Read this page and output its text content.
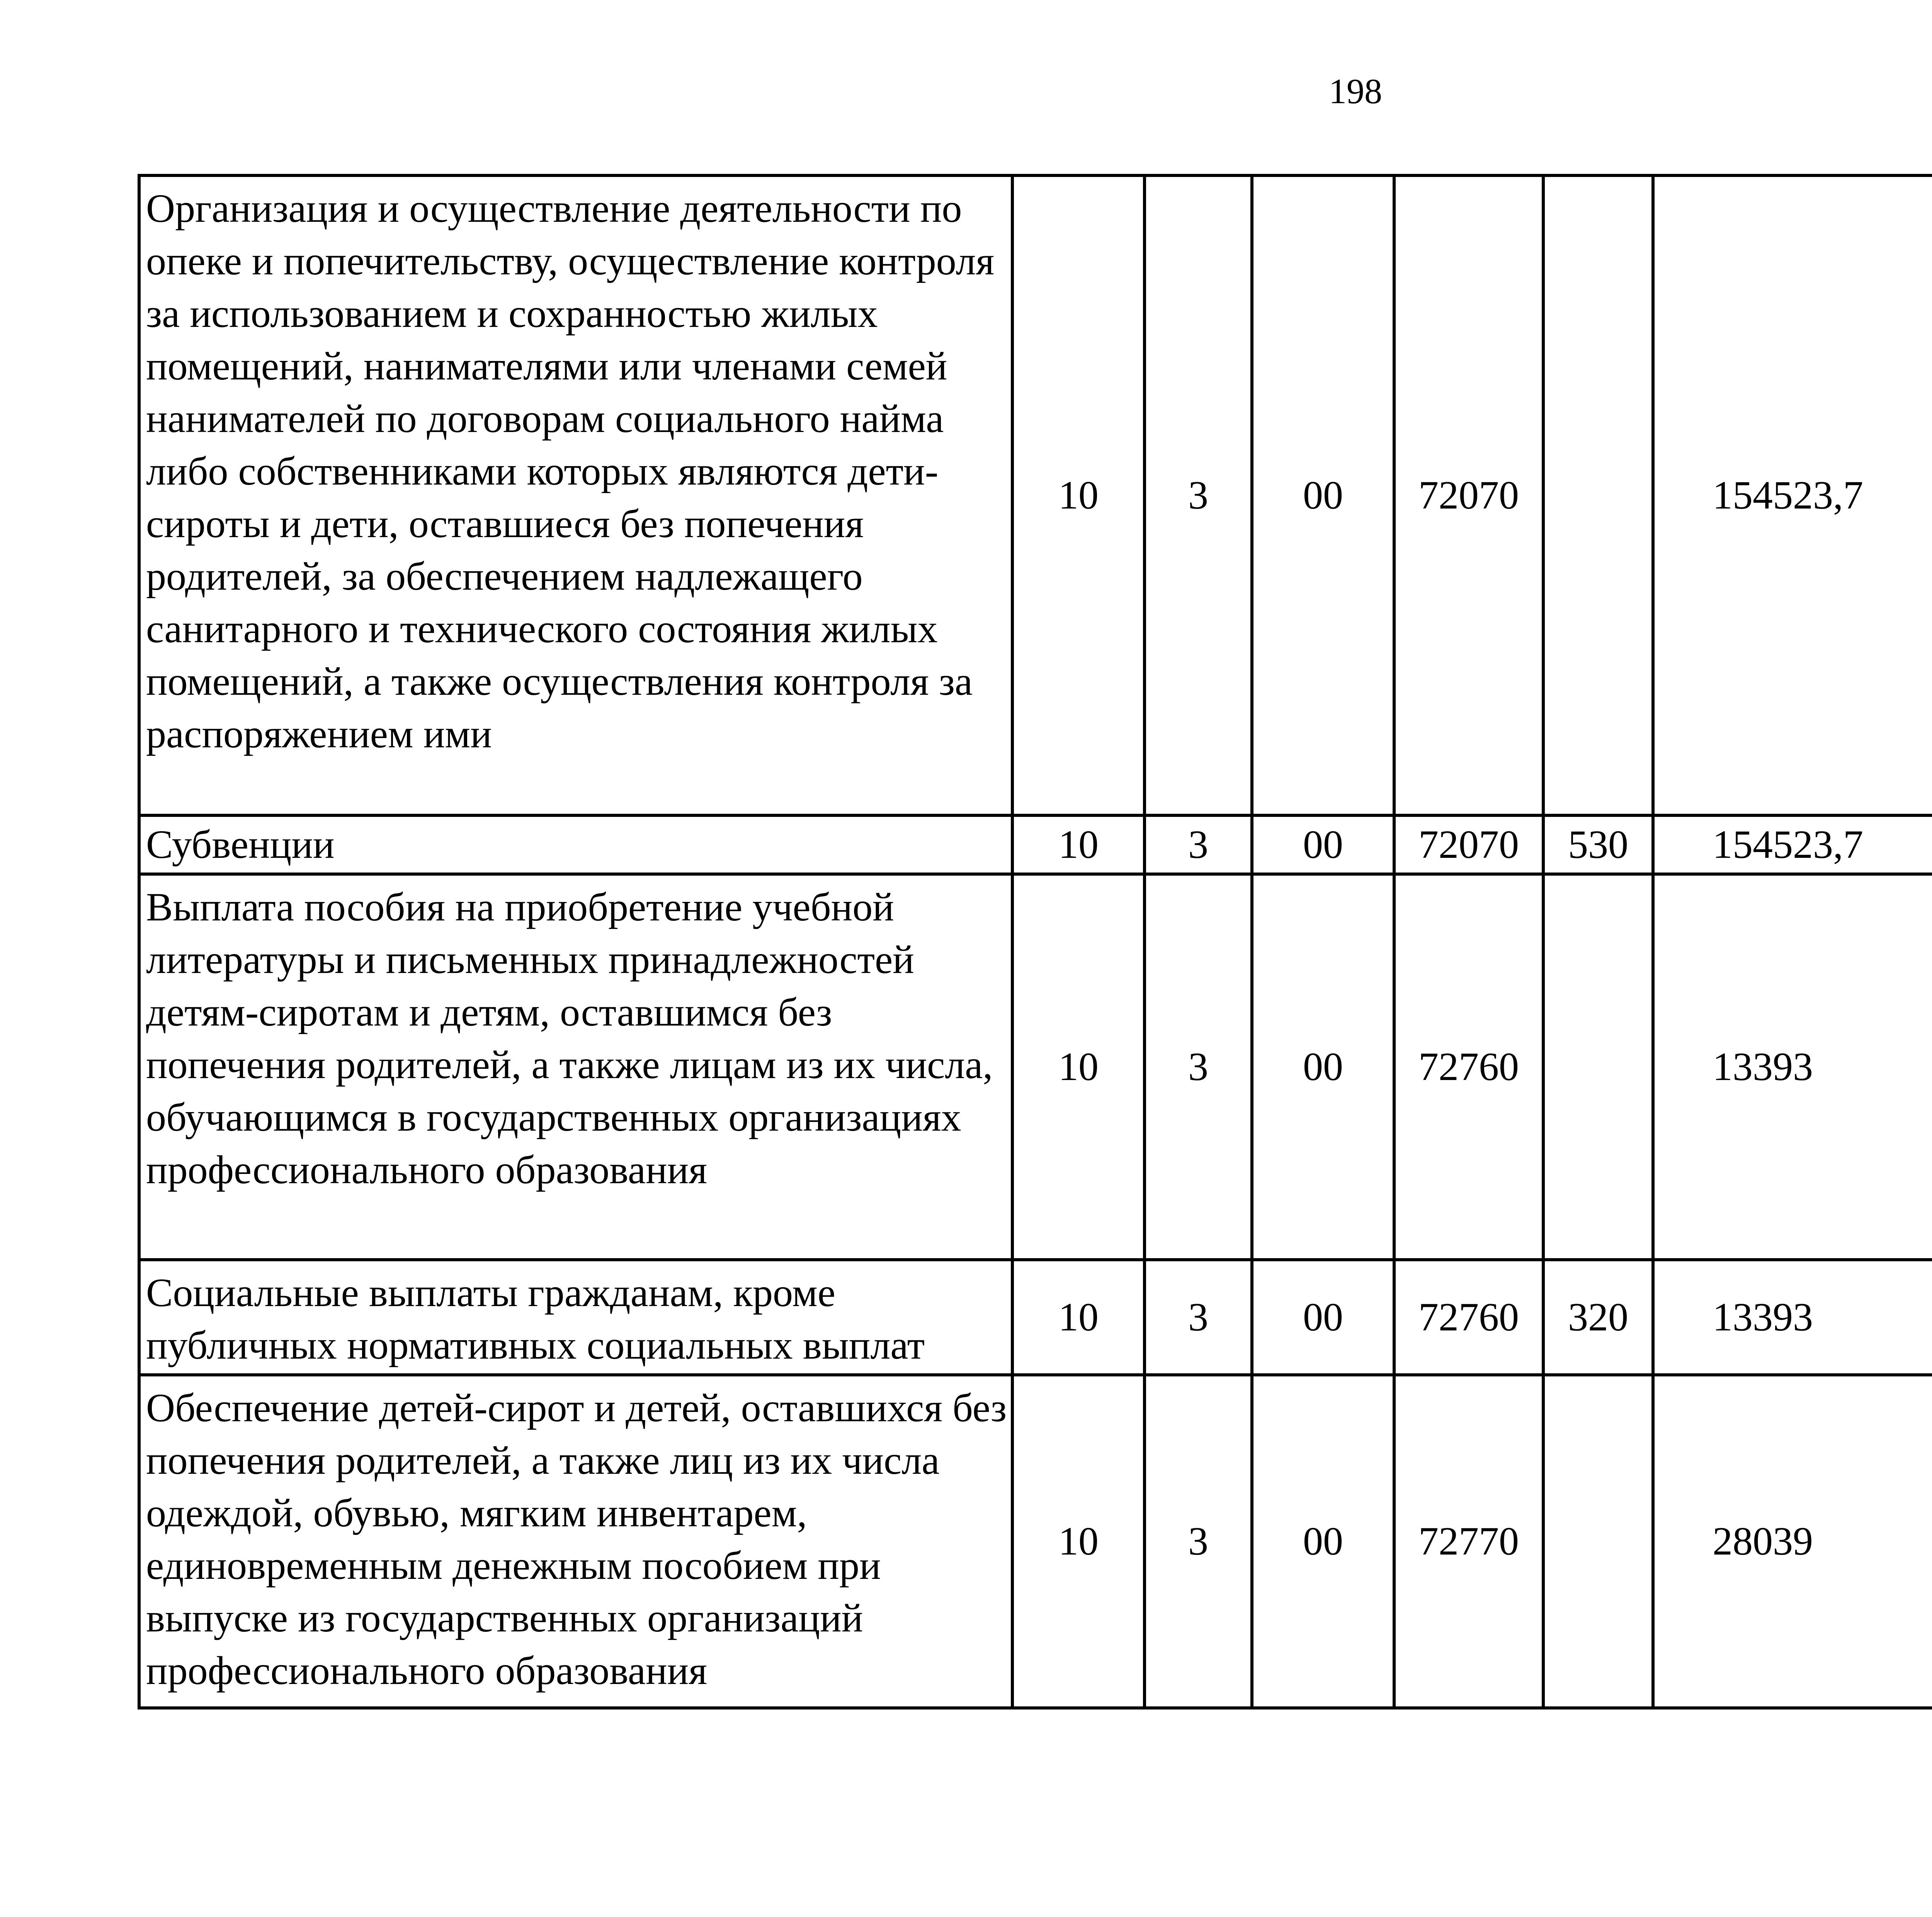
198
Организация и осуществление деятельности по опеке и попечительству, осуществление контроля за использованием и сохранностью жилых помещений, нанимателями или членами семей нанимателей по договорам социального найма либо собственниками которых являются дети-сироты и дети, оставшиеся без попечения родителей, за обеспечением надлежащего санитарного и технического состояния жилых помещений, а также осуществления контроля за распоряжением ими	10	3	00	72070		154523,7		
Субвенции	10	3	00	72070	530	154523,7		
Выплата пособия на приобретение учебной литературы и письменных принадлежностей детям-сиротам и детям, оставшимся без попечения родителей, а также лицам из их числа, обучающимся в государственных организациях профессионального образования	10	3	00	72760		13393		
Социальные выплаты гражданам, кроме публичных нормативных социальных выплат	10	3	00	72760	320	13393		
Обеспечение детей-сирот и детей, оставшихся без попечения родителей, а также лиц из их числа одеждой, обувью, мягким инвентарем, единовременным денежным пособием при выпуске из государственных организаций профессионального образования	10	3	00	72770		28039		
